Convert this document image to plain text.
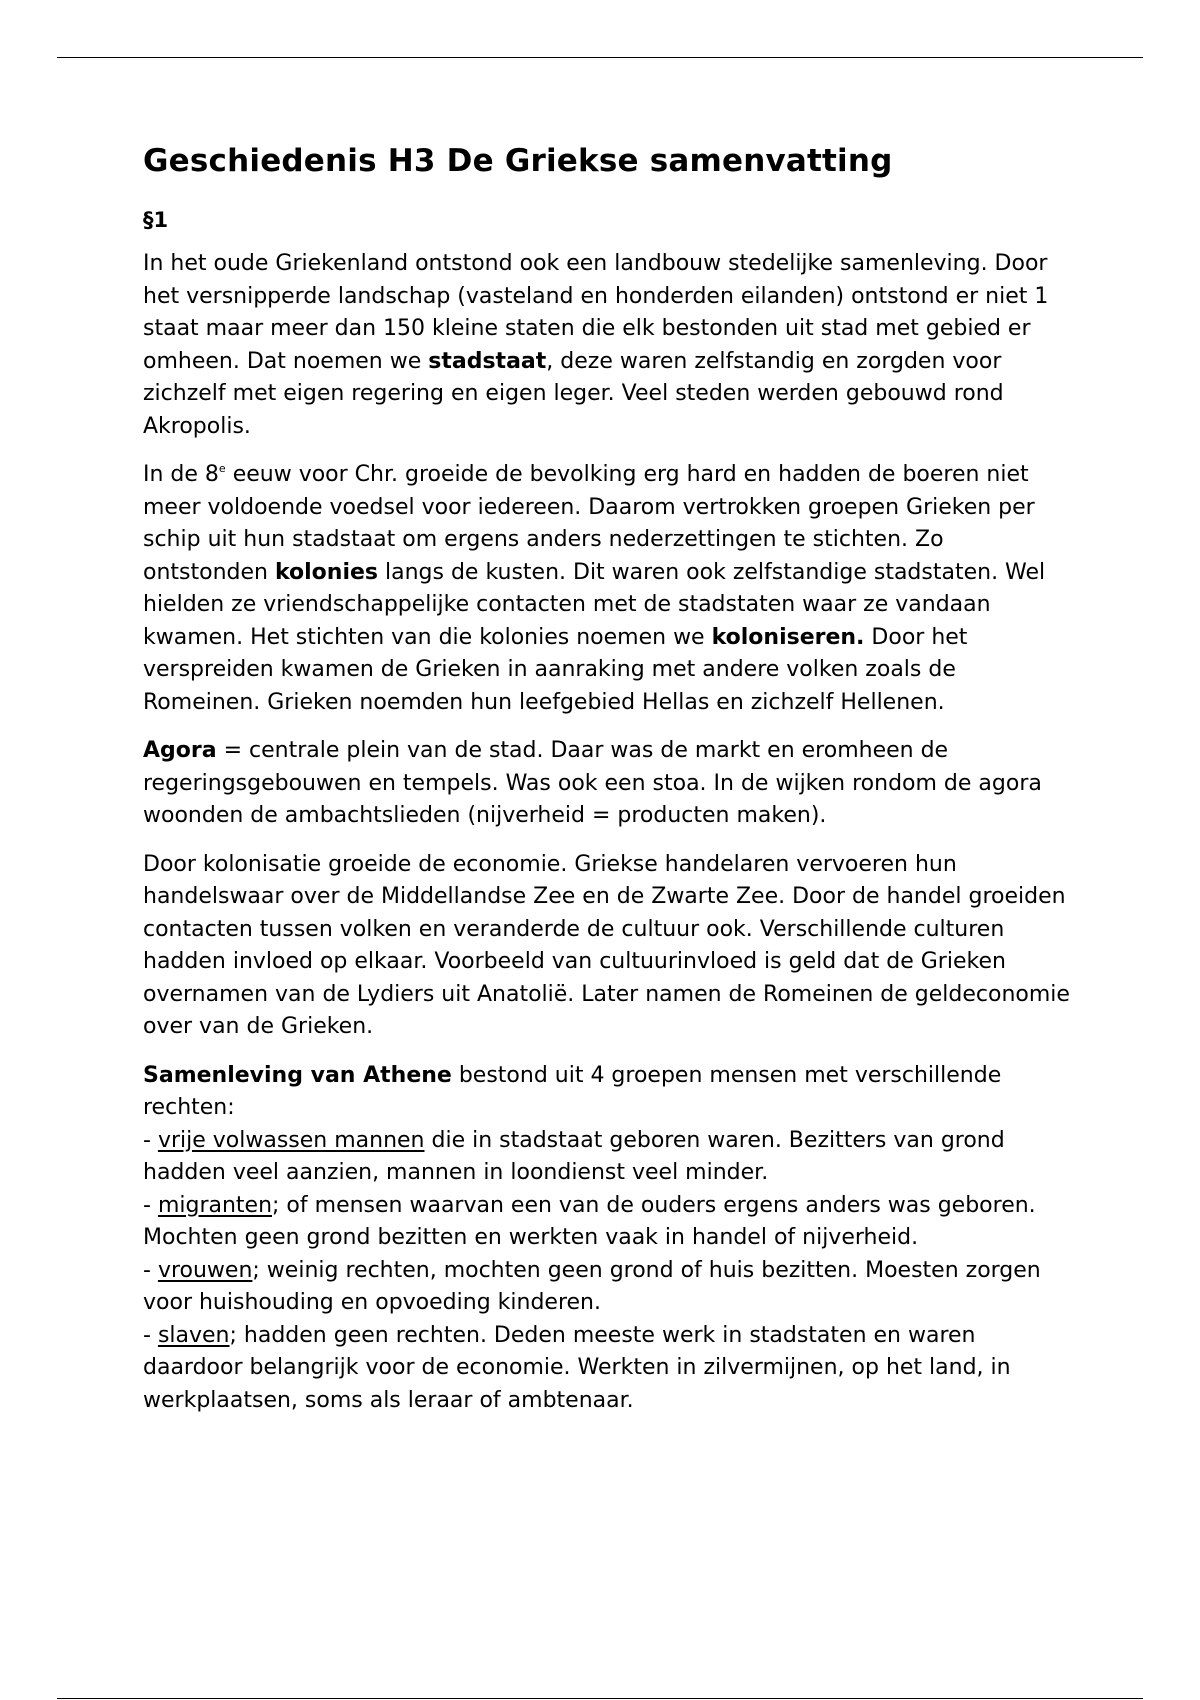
Geschiedenis H3 De Griekse samenvatting
§1

In het oude Griekenland ontstond ook een landbouw stedelijke samenleving. Door het versnipperde landschap (vasteland en honderden eilanden) ontstond er niet 1 staat maar meer dan 150 kleine staten die elk bestonden uit stad met gebied er omheen. Dat noemen we stadstaat, deze waren zelfstandig en zorgden voor zichzelf met eigen regering en eigen leger. Veel steden werden gebouwd rond Akropolis.

In de 8e eeuw voor Chr. groeide de bevolking erg hard en hadden de boeren niet meer voldoende voedsel voor iedereen. Daarom vertrokken groepen Grieken per schip uit hun stadstaat om ergens anders nederzettingen te stichten. Zo ontstonden kolonies langs de kusten. Dit waren ook zelfstandige stadstaten. Wel hielden ze vriendschappelijke contacten met de stadstaten waar ze vandaan kwamen. Het stichten van die kolonies noemen we koloniseren. Door het verspreiden kwamen de Grieken in aanraking met andere volken zoals de Romeinen. Grieken noemden hun leefgebied Hellas en zichzelf Hellenen.

Agora = centrale plein van de stad. Daar was de markt en eromheen de regeringsgebouwen en tempels. Was ook een stoa. In de wijken rondom de agora woonden de ambachtslieden (nijverheid = producten maken).

Door kolonisatie groeide de economie. Griekse handelaren vervoeren hun handelswaar over de Middellandse Zee en de Zwarte Zee. Door de handel groeiden contacten tussen volken en veranderde de cultuur ook. Verschillende culturen hadden invloed op elkaar. Voorbeeld van cultuurinvloed is geld dat de Grieken overnamen van de Lydiers uit Anatolië. Later namen de Romeinen de geldeconomie over van de Grieken.

Samenleving van Athene bestond uit 4 groepen mensen met verschillende rechten:
- vrije volwassen mannen die in stadstaat geboren waren. Bezitters van grond hadden veel aanzien, mannen in loondienst veel minder.
- migranten; of mensen waarvan een van de ouders ergens anders was geboren. Mochten geen grond bezitten en werkten vaak in handel of nijverheid.
- vrouwen; weinig rechten, mochten geen grond of huis bezitten. Moesten zorgen voor huishouding en opvoeding kinderen.
- slaven; hadden geen rechten. Deden meeste werk in stadstaten en waren daardoor belangrijk voor de economie. Werkten in zilvermijnen, op het land, in werkplaatsen, soms als leraar of ambtenaar.
